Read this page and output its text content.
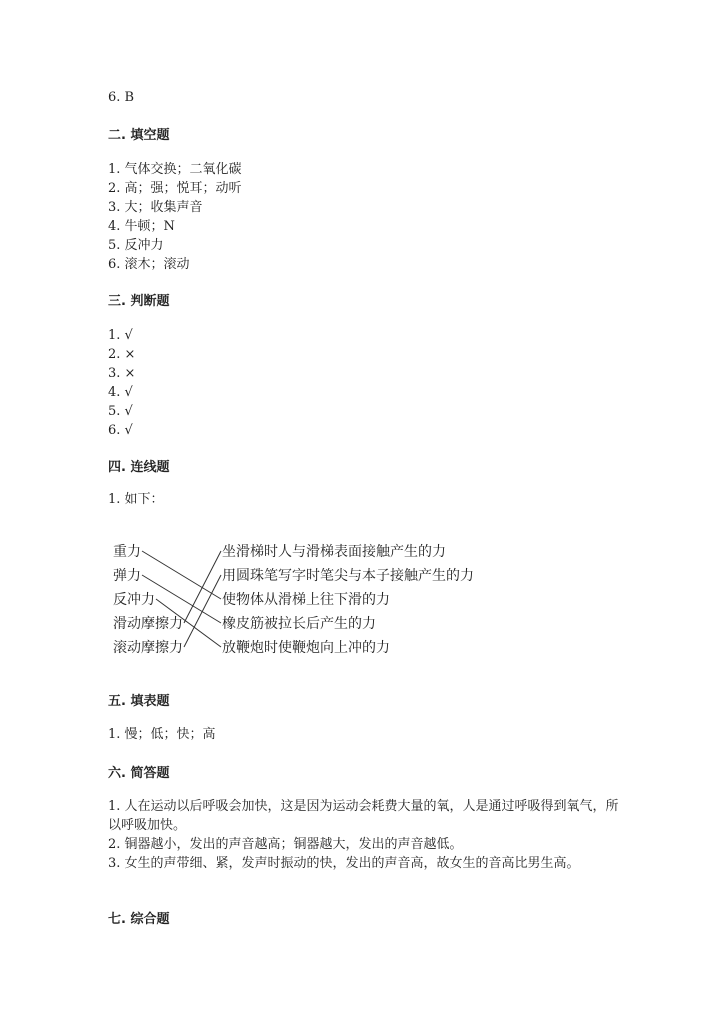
6. B
二. 填空题
1. 气体交换；二氧化碳
2. 高；强；悦耳；动听
3. 大；收集声音
4. 牛顿；N
5. 反冲力
6. 滚木；滚动
三. 判断题
1. √
2. ×
3. ×
4. √
5. √
6. √
四. 连线题
1. 如下：
重力
弹力
反冲力
滑动摩擦力
滚动摩擦力
坐滑梯时人与滑梯表面接触产生的力
用圆珠笔写字时笔尖与本子接触产生的力
使物体从滑梯上往下滑的力
橡皮筋被拉长后产生的力
放鞭炮时使鞭炮向上冲的力
五. 填表题
1. 慢；低；快；高
六. 简答题
1. 人在运动以后呼吸会加快，这是因为运动会耗费大量的氧，人是通过呼吸得到氧气，所以呼吸加快。
2. 铜器越小，发出的声音越高；铜器越大，发出的声音越低。
3. 女生的声带细、紧，发声时振动的快，发出的声音高，故女生的音高比男生高。
七. 综合题
